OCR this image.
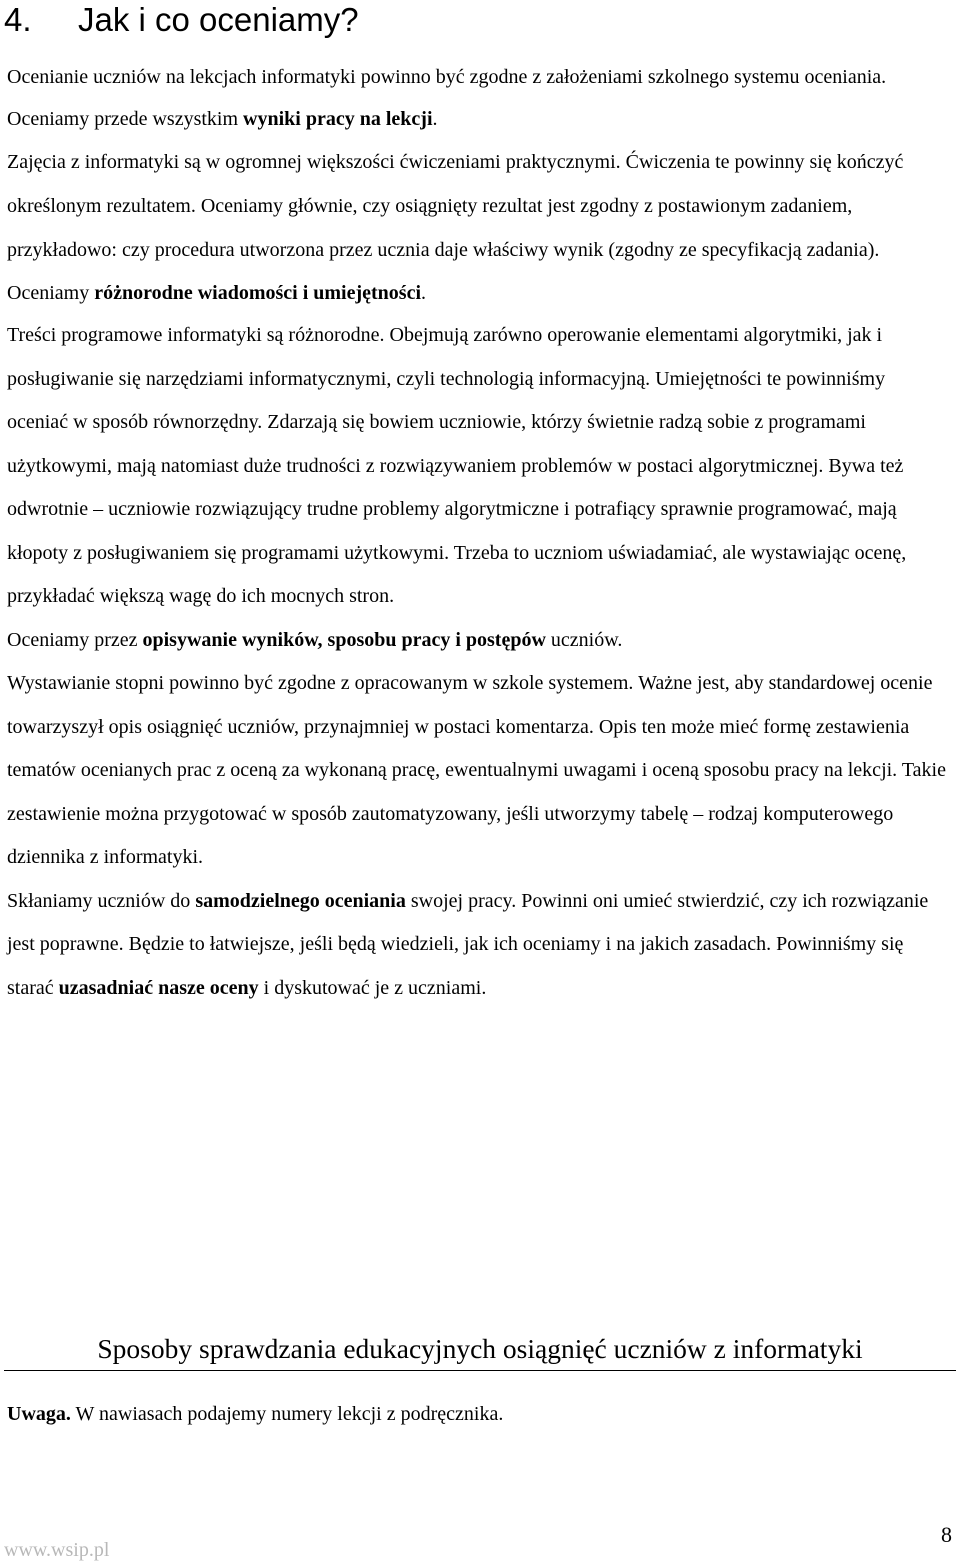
4. Jak i co oceniamy?

Ocenianie uczniów na lekcjach informatyki powinno być zgodne z założeniami szkolnego systemu oceniania.

Oceniamy przede wszystkim wyniki pracy na lekcji.

Zajęcia z informatyki są w ogromnej większości ćwiczeniami praktycznymi. Ćwiczenia te powinny się kończyć określonym rezultatem. Oceniamy głównie, czy osiągnięty rezultat jest zgodny z postawionym zadaniem, przykładowo: czy procedura utworzona przez ucznia daje właściwy wynik (zgodny ze specyfikacją zadania).

Oceniamy różnorodne wiadomości i umiejętności.

Treści programowe informatyki są różnorodne. Obejmują zarówno operowanie elementami algorytmiki, jak i posługiwanie się narzędziami informatycznymi, czyli technologią informacyjną. Umiejętności te powinniśmy oceniać w sposób równorzędny. Zdarzają się bowiem uczniowie, którzy świetnie radzą sobie z programami użytkowymi, mają natomiast duże trudności z rozwiązywaniem problemów w postaci algorytmicznej. Bywa też odwrotnie – uczniowie rozwiązujący trudne problemy algorytmiczne i potrafiący sprawnie programować, mają kłopoty z posługiwaniem się programami użytkowymi. Trzeba to uczniom uświadamiać, ale wystawiając ocenę, przykładać większą wagę do ich mocnych stron.

Oceniamy przez opisywanie wyników, sposobu pracy i postępów uczniów.

Wystawianie stopni powinno być zgodne z opracowanym w szkole systemem. Ważne jest, aby standardowej ocenie towarzyszył opis osiągnięć uczniów, przynajmniej w postaci komentarza. Opis ten może mieć formę zestawienia tematów ocenianych prac z oceną za wykonaną pracę, ewentualnymi uwagami i oceną sposobu pracy na lekcji. Takie zestawienie można przygotować w sposób zautomatyzowany, jeśli utworzymy tabelę – rodzaj komputerowego dziennika z informatyki.

Skłaniamy uczniów do samodzielnego oceniania swojej pracy. Powinni oni umieć stwierdzić, czy ich rozwiązanie jest poprawne. Będzie to łatwiejsze, jeśli będą wiedzieli, jak ich oceniamy i na jakich zasadach. Powinniśmy się starać uzasadniać nasze oceny i dyskutować je z uczniami.

Sposoby sprawdzania edukacyjnych osiągnięć uczniów z informatyki
Uwaga. W nawiasach podajemy numery lekcji z podręcznika.
www.wsip.pl
8
